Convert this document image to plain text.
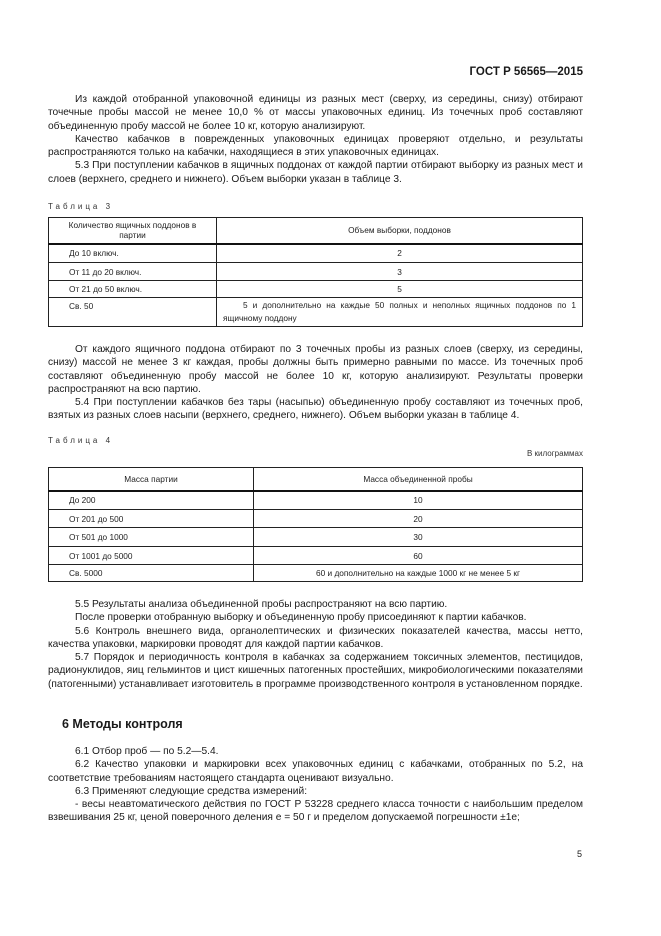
ГОСТ Р 56565—2015

Из каждой отобранной упаковочной единицы из разных мест (сверху, из середины, снизу) отбирают точечные пробы массой не менее 10,0 % от массы упаковочных единиц. Из точечных проб составляют объединенную пробу массой не более 10 кг, которую анализируют.

Качество кабачков в поврежденных упаковочных единицах проверяют отдельно, и результаты распространяются только на кабачки, находящиеся в этих упаковочных единицах.

5.3 При поступлении кабачков в ящичных поддонах от каждой партии отбирают выборку из разных мест и слоев (верхнего, среднего и нижнего). Объем выборки указан в таблице 3.

Таблица 3
Количество ящичных поддонов в партии	Объем выборки, поддонов
До 10 включ.	2
От 11 до 20 включ.	3
От 21 до 50 включ.	5
Св. 50	5 и дополнительно на каждые 50 полных и неполных ящичных поддонов по 1 ящичному поддону

От каждого ящичного поддона отбирают по 3 точечных пробы из разных слоев (сверху, из середины, снизу) массой не менее 3 кг каждая, пробы должны быть примерно равными по массе. Из точечных проб составляют объединенную пробу массой не более 10 кг, которую анализируют. Результаты проверки распространяют на всю партию.

5.4 При поступлении кабачков без тары (насыпью) объединенную пробу составляют из точечных проб, взятых из разных слоев насыпи (верхнего, среднего, нижнего). Объем выборки указан в таблице 4.

Таблица 4
В килограммах
Масса партии	Масса объединенной пробы
До 200	10
От 201 до 500	20
От 501 до 1000	30
От 1001 до 5000	60
Св. 5000	60 и дополнительно на каждые 1000 кг не менее 5 кг

5.5 Результаты анализа объединенной пробы распространяют на всю партию.

После проверки отобранную выборку и объединенную пробу присоединяют к партии кабачков.

5.6 Контроль внешнего вида, органолептических и физических показателей качества, массы нетто, качества упаковки, маркировки проводят для каждой партии кабачков.

5.7 Порядок и периодичность контроля в кабачках за содержанием токсичных элементов, пестицидов, радионуклидов, яиц гельминтов и цист кишечных патогенных простейших, микробиологическими показателями (патогенными) устанавливает изготовитель в программе производственного контроля в установленном порядке.

6 Методы контроля

6.1 Отбор проб — по 5.2—5.4.

6.2 Качество упаковки и маркировки всех упаковочных единиц с кабачками, отобранных по 5.2, на соответствие требованиям настоящего стандарта оценивают визуально.

6.3 Применяют следующие средства измерений:

- весы неавтоматического действия по ГОСТ Р 53228 среднего класса точности с наибольшим пределом взвешивания 25 кг, ценой поверочного деления е = 50 г и пределом допускаемой погрешности ±1е;

5
